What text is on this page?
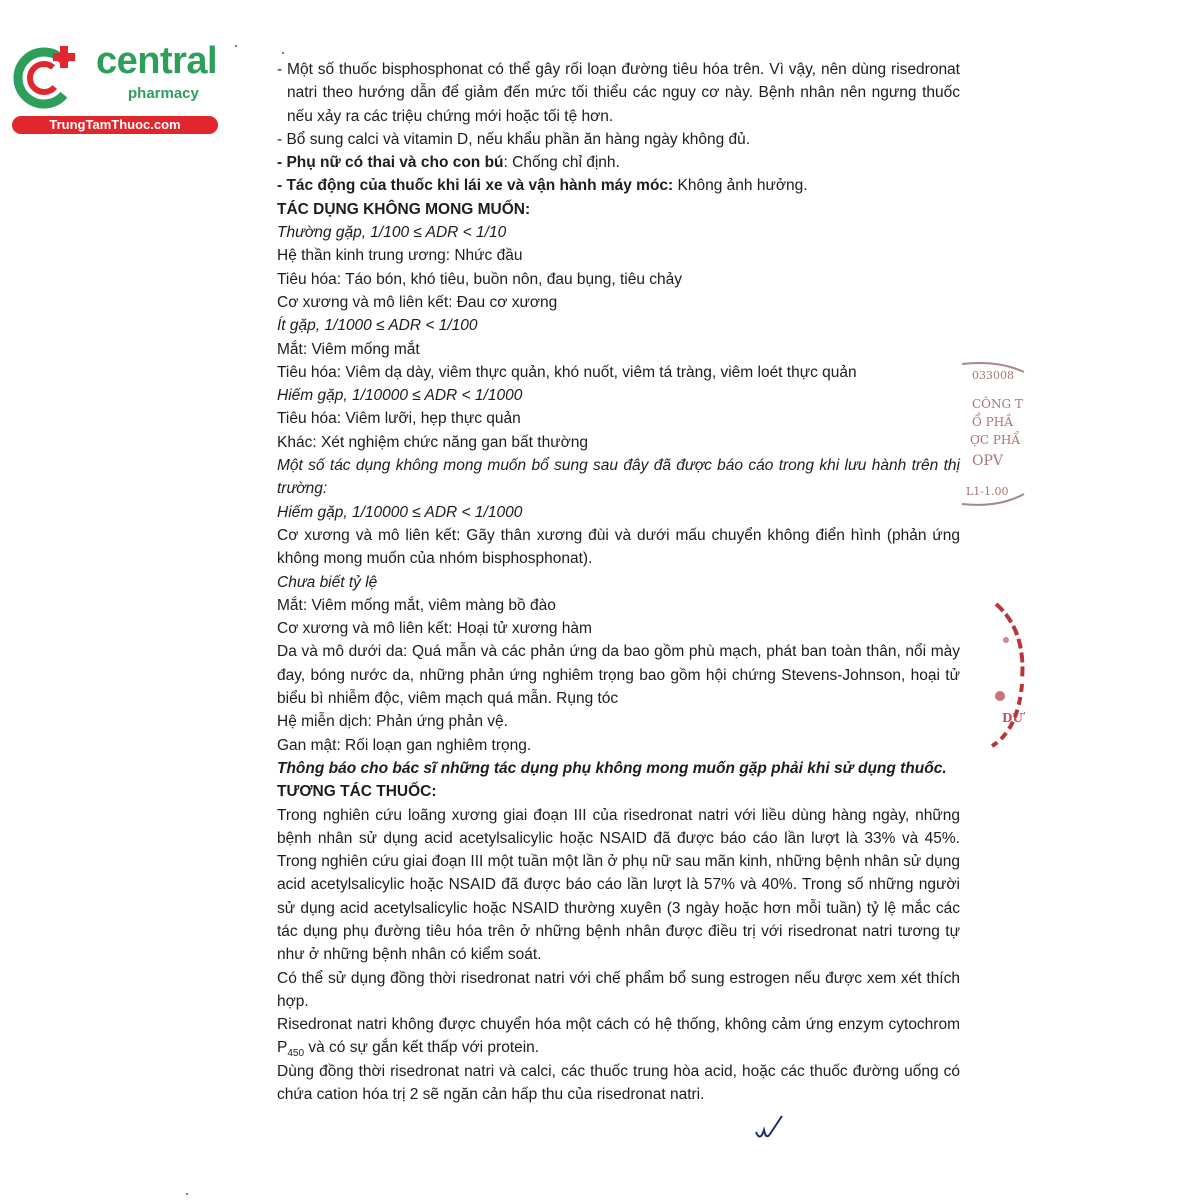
central
pharmacy
TrungTamThuoc.com

- Một số thuốc bisphosphonat có thể gây rối loạn đường tiêu hóa trên. Vì vậy, nên dùng risedronat natri theo hướng dẫn để giảm đến mức tối thiểu các nguy cơ này. Bệnh nhân nên ngưng thuốc nếu xảy ra các triệu chứng mới hoặc tối tệ hơn.

- Bổ sung calci và vitamin D, nếu khẩu phần ăn hàng ngày không đủ.

- Phụ nữ có thai và cho con bú: Chống chỉ định.

- Tác động của thuốc khi lái xe và vận hành máy móc: Không ảnh hưởng.

TÁC DỤNG KHÔNG MONG MUỐN:

Thường gặp, 1/100 ≤ ADR < 1/10

Hệ thần kinh trung ương: Nhức đầu

Tiêu hóa: Táo bón, khó tiêu, buồn nôn, đau bụng, tiêu chảy

Cơ xương và mô liên kết: Đau cơ xương

Ít gặp, 1/1000 ≤ ADR < 1/100

Mắt: Viêm mống mắt

Tiêu hóa: Viêm dạ dày, viêm thực quản, khó nuốt, viêm tá tràng, viêm loét thực quản

Hiếm gặp, 1/10000 ≤ ADR < 1/1000

Tiêu hóa: Viêm lưỡi, hẹp thực quản

Khác: Xét nghiệm chức năng gan bất thường

Một số tác dụng không mong muốn bổ sung sau đây đã được báo cáo trong khi lưu hành trên thị trường:

Hiếm gặp, 1/10000 ≤ ADR < 1/1000

Cơ xương và mô liên kết: Gãy thân xương đùi và dưới mấu chuyển không điển hình (phản ứng không mong muốn của nhóm bisphosphonat).

Chưa biết tỷ lệ

Mắt: Viêm mống mắt, viêm màng bồ đào

Cơ xương và mô liên kết: Hoại tử xương hàm

Da và mô dưới da: Quá mẫn và các phản ứng da bao gồm phù mạch, phát ban toàn thân, nổi mày đay, bóng nước da, những phản ứng nghiêm trọng bao gồm hội chứng Stevens-Johnson, hoại tử biểu bì nhiễm độc, viêm mạch quá mẫn. Rụng tóc

Hệ miễn dịch: Phản ứng phản vệ.

Gan mật: Rối loạn gan nghiêm trọng.

Thông báo cho bác sĩ những tác dụng phụ không mong muốn gặp phải khi sử dụng thuốc.

TƯƠNG TÁC THUỐC:

Trong nghiên cứu loãng xương giai đoạn III của risedronat natri với liều dùng hàng ngày, những bệnh nhân sử dụng acid acetylsalicylic hoặc NSAID đã được báo cáo lần lượt là 33% và 45%. Trong nghiên cứu giai đoạn III một tuần một lần ở phụ nữ sau mãn kinh, những bệnh nhân sử dụng acid acetylsalicylic hoặc NSAID đã được báo cáo lần lượt là 57% và 40%. Trong số những người sử dụng acid acetylsalicylic hoặc NSAID thường xuyên (3 ngày hoặc hơn mỗi tuần) tỷ lệ mắc các tác dụng phụ đường tiêu hóa trên ở những bệnh nhân được điều trị với risedronat natri tương tự như ở những bệnh nhân có kiểm soát.

Có thể sử dụng đồng thời risedronat natri với chế phẩm bổ sung estrogen nếu được xem xét thích hợp.

Risedronat natri không được chuyển hóa một cách có hệ thống, không cảm ứng enzym cytochrom $P_{450}$ và có sự gắn kết thấp với protein.

Dùng đồng thời risedronat natri và calci, các thuốc trung hòa acid, hoặc các thuốc đường uống có chứa cation hóa trị 2 sẽ ngăn cản hấp thu của risedronat natri.

033008
CÔNG T
Ổ PHẦ
ỢC PHẨ
OPV
L1-1.00
DƯ
